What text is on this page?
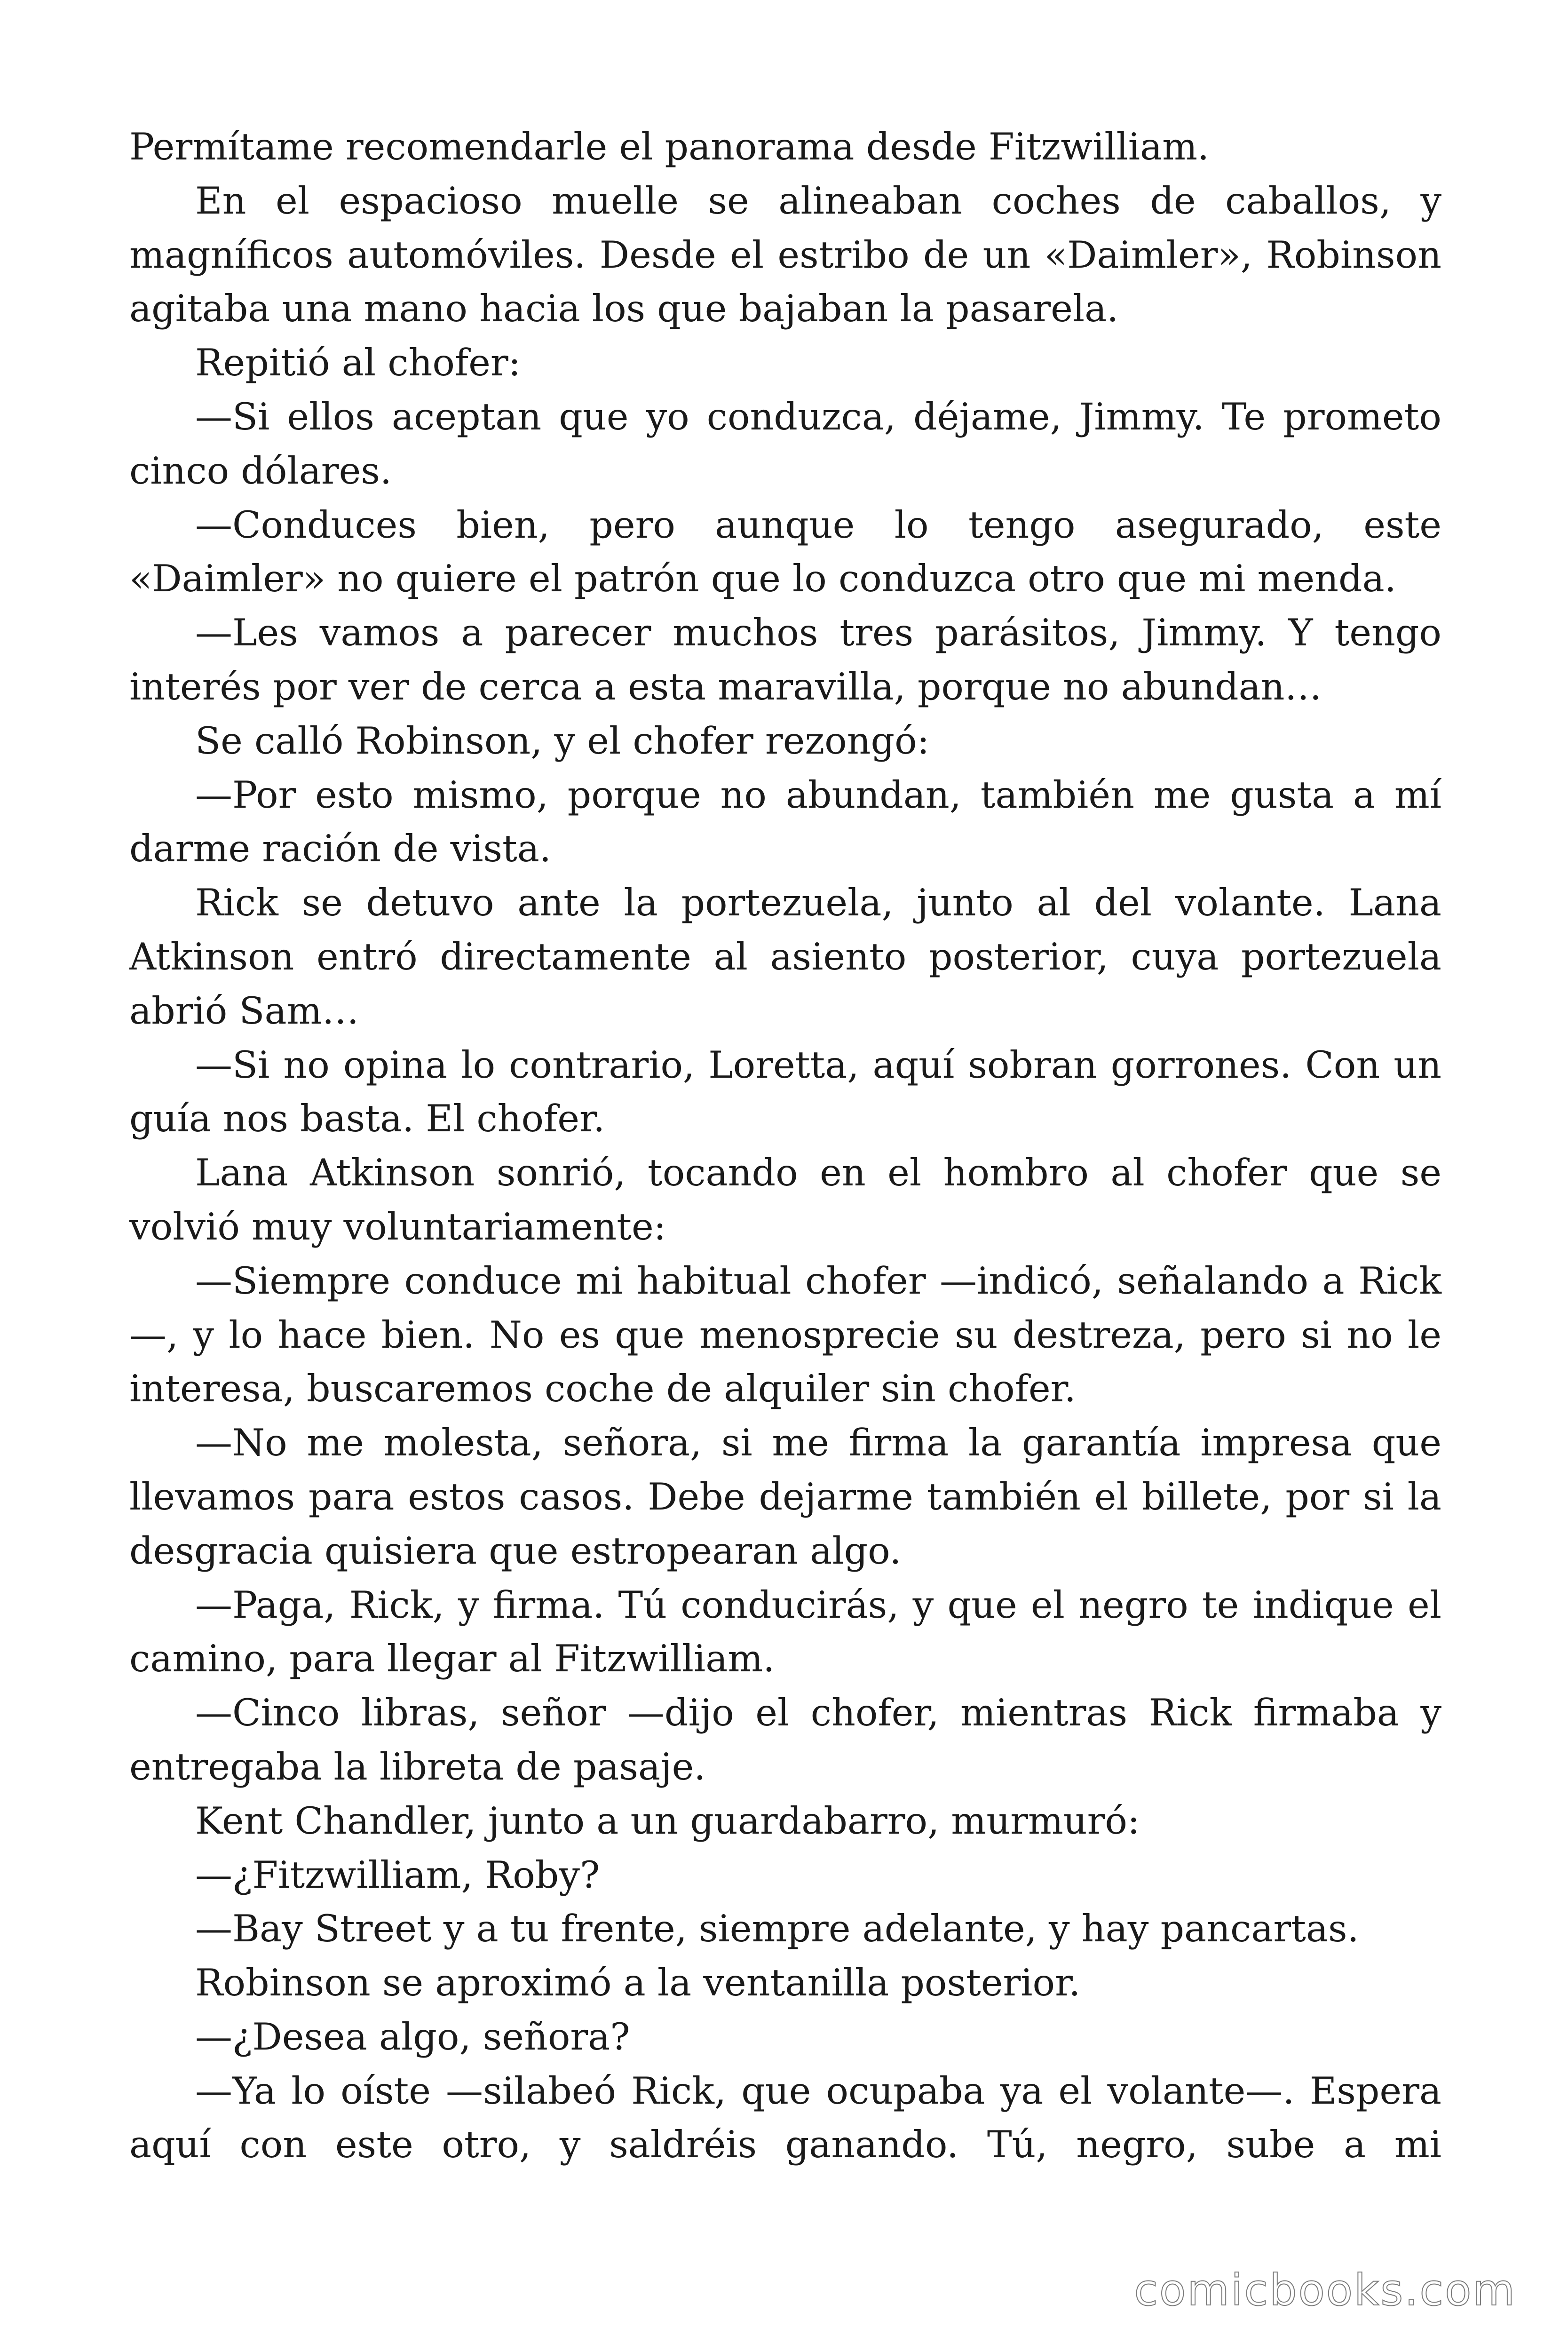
Permítame recomendarle el panorama desde Fitzwilliam.

En el espacioso muelle se alineaban coches de caballos, y magníficos automóviles. Desde el estribo de un «Daimler», Robinson agitaba una mano hacia los que bajaban la pasarela.

Repitió al chofer:

—Si ellos aceptan que yo conduzca, déjame, Jimmy. Te prometo cinco dólares.

—Conduces bien, pero aunque lo tengo asegurado, este «Daimler» no quiere el patrón que lo conduzca otro que mi menda.

—Les vamos a parecer muchos tres parásitos, Jimmy. Y tengo interés por ver de cerca a esta maravilla, porque no abundan…

Se calló Robinson, y el chofer rezongó:

—Por esto mismo, porque no abundan, también me gusta a mí darme ración de vista.

Rick se detuvo ante la portezuela, junto al del volante. Lana Atkinson entró directamente al asiento posterior, cuya portezuela abrió Sam…

—Si no opina lo contrario, Loretta, aquí sobran gorrones. Con un guía nos basta. El chofer.

Lana Atkinson sonrió, tocando en el hombro al chofer que se volvió muy voluntariamente:

—Siempre conduce mi habitual chofer —indicó, señalando a Rick—, y lo hace bien. No es que menosprecie su destreza, pero si no le interesa, buscaremos coche de alquiler sin chofer.

—No me molesta, señora, si me firma la garantía impresa que llevamos para estos casos. Debe dejarme también el billete, por si la desgracia quisiera que estropearan algo.

—Paga, Rick, y firma. Tú conducirás, y que el negro te indique el camino, para llegar al Fitzwilliam.

—Cinco libras, señor —dijo el chofer, mientras Rick firmaba y entregaba la libreta de pasaje.

Kent Chandler, junto a un guardabarro, murmuró:

—¿Fitzwilliam, Roby?

—Bay Street y a tu frente, siempre adelante, y hay pancartas.

Robinson se aproximó a la ventanilla posterior.

—¿Desea algo, señora?

—Ya lo oíste —silabeó Rick, que ocupaba ya el volante—. Espera aquí con este otro, y saldréis ganando. Tú, negro, sube a mi

comicbooks.com
